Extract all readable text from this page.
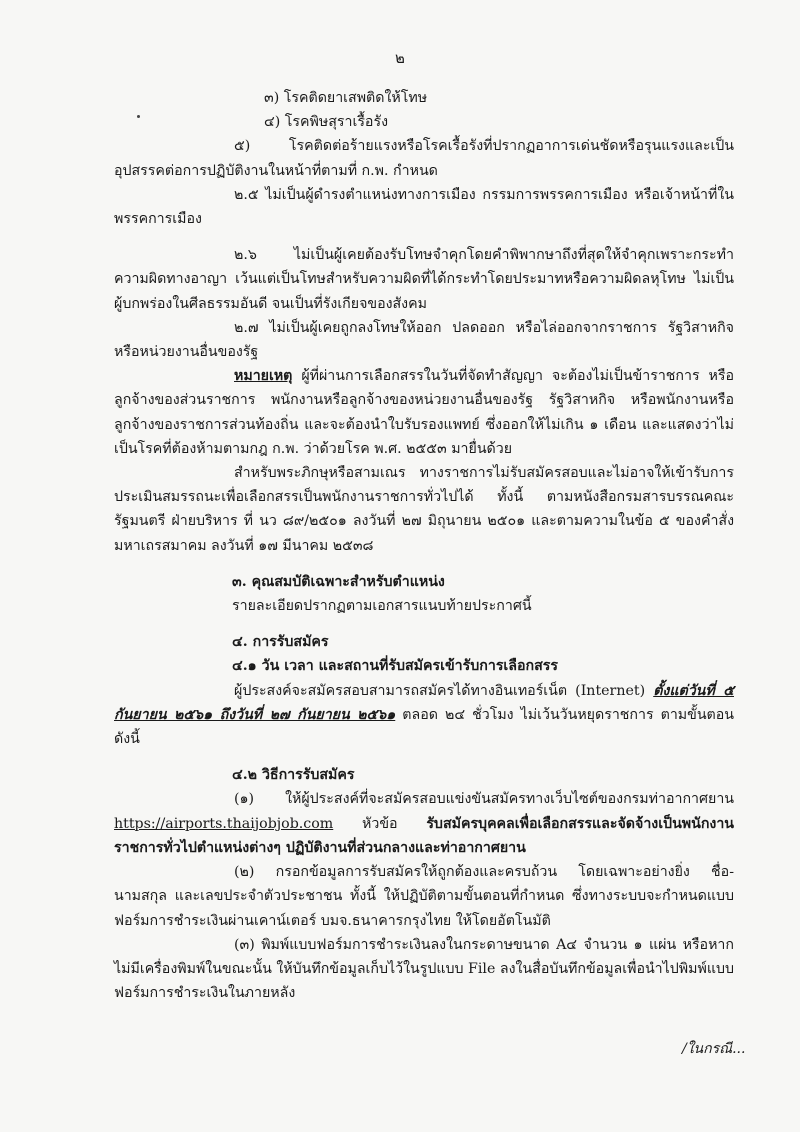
๒

๓) โรคติดยาเสพติดให้โทษ

๔) โรคพิษสุราเรื้อรัง

๕) โรคติดต่อร้ายแรงหรือโรคเรื้อรังที่ปรากฏอาการเด่นชัดหรือรุนแรงและเป็นอุปสรรคต่อการปฏิบัติงานในหน้าที่ตามที่ ก.พ. กำหนด

๒.๕ ไม่เป็นผู้ดำรงตำแหน่งทางการเมือง กรรมการพรรคการเมือง หรือเจ้าหน้าที่ในพรรคการเมือง

๒.๖ ไม่เป็นผู้เคยต้องรับโทษจำคุกโดยคำพิพากษาถึงที่สุดให้จำคุกเพราะกระทำความผิดทางอาญา เว้นแต่เป็นโทษสำหรับความผิดที่ได้กระทำโดยประมาทหรือความผิดลหุโทษ ไม่เป็นผู้บกพร่องในศีลธรรมอันดี จนเป็นที่รังเกียจของสังคม

๒.๗ ไม่เป็นผู้เคยถูกลงโทษให้ออก ปลดออก หรือไล่ออกจากราชการ รัฐวิสาหกิจ หรือหน่วยงานอื่นของรัฐ

หมายเหตุ ผู้ที่ผ่านการเลือกสรรในวันที่จัดทำสัญญา จะต้องไม่เป็นข้าราชการ หรือลูกจ้างของส่วนราชการ พนักงานหรือลูกจ้างของหน่วยงานอื่นของรัฐ รัฐวิสาหกิจ หรือพนักงานหรือลูกจ้างของราชการส่วนท้องถิ่น และจะต้องนำใบรับรองแพทย์ ซึ่งออกให้ไม่เกิน ๑ เดือน และแสดงว่าไม่เป็นโรคที่ต้องห้ามตามกฎ ก.พ. ว่าด้วยโรค พ.ศ. ๒๕๕๓ มายื่นด้วย

สำหรับพระภิกษุหรือสามเณร ทางราชการไม่รับสมัครสอบและไม่อาจให้เข้ารับการประเมินสมรรถนะเพื่อเลือกสรรเป็นพนักงานราชการทั่วไปได้ ทั้งนี้ ตามหนังสือกรมสารบรรณคณะรัฐมนตรี ฝ่ายบริหาร ที่ นว ๘๙/๒๕๐๑ ลงวันที่ ๒๗ มิถุนายน ๒๕๐๑ และตามความในข้อ ๕ ของคำสั่งมหาเถรสมาคม ลงวันที่ ๑๗ มีนาคม ๒๕๓๘

๓. คุณสมบัติเฉพาะสำหรับตำแหน่ง

รายละเอียดปรากฏตามเอกสารแนบท้ายประกาศนี้

๔. การรับสมัคร

๔.๑ วัน เวลา และสถานที่รับสมัครเข้ารับการเลือกสรร

ผู้ประสงค์จะสมัครสอบสามารถสมัครได้ทางอินเทอร์เน็ต (Internet) ตั้งแต่วันที่ ๕ กันยายน ๒๕๖๑ ถึงวันที่ ๒๗ กันยายน ๒๕๖๑ ตลอด ๒๔ ชั่วโมง ไม่เว้นวันหยุดราชการ ตามขั้นตอนดังนี้

๔.๒ วิธีการรับสมัคร

(๑) ให้ผู้ประสงค์ที่จะสมัครสอบแข่งขันสมัครทางเว็บไซต์ของกรมท่าอากาศยาน https://airports.thaijobjob.com หัวข้อ รับสมัครบุคคลเพื่อเลือกสรรและจัดจ้างเป็นพนักงานราชการทั่วไปตำแหน่งต่างๆ ปฏิบัติงานที่ส่วนกลางและท่าอากาศยาน

(๒) กรอกข้อมูลการรับสมัครให้ถูกต้องและครบถ้วน โดยเฉพาะอย่างยิ่ง ชื่อ-นามสกุล และเลขประจำตัวประชาชน ทั้งนี้ ให้ปฏิบัติตามขั้นตอนที่กำหนด ซึ่งทางระบบจะกำหนดแบบฟอร์มการชำระเงินผ่านเคาน์เตอร์ บมจ.ธนาคารกรุงไทย ให้โดยอัตโนมัติ

(๓) พิมพ์แบบฟอร์มการชำระเงินลงในกระดาษขนาด A๔ จำนวน ๑ แผ่น หรือหากไม่มีเครื่องพิมพ์ในขณะนั้น ให้บันทึกข้อมูลเก็บไว้ในรูปแบบ File ลงในสื่อบันทึกข้อมูลเพื่อนำไปพิมพ์แบบฟอร์มการชำระเงินในภายหลัง

/ในกรณี...
